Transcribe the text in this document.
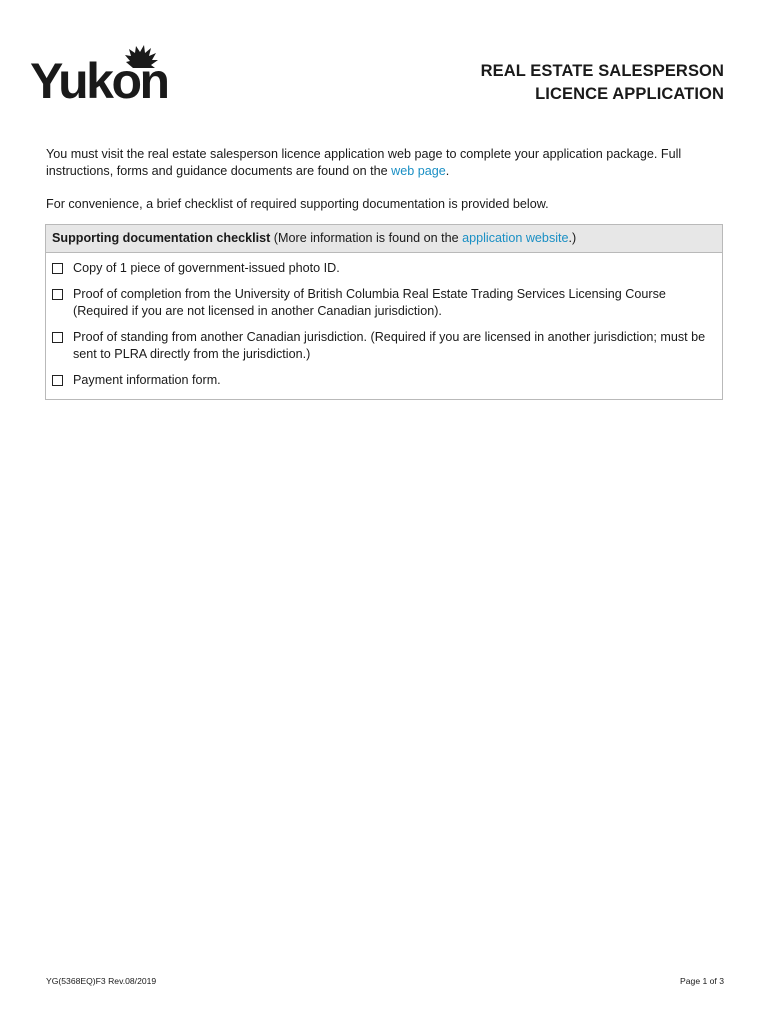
Yukon	REAL ESTATE SALESPERSON
LICENCE APPLICATION

You must visit the real estate salesperson licence application web page to complete your application package. Full instructions, forms and guidance documents are found on the web page.

For convenience, a brief checklist of required supporting documentation is provided below.

Supporting documentation checklist (More information is found on the application website.)
Copy of 1 piece of government-issued photo ID.
Proof of completion from the University of British Columbia Real Estate Trading Services Licensing Course (Required if you are not licensed in another Canadian jurisdiction).
Proof of standing from another Canadian jurisdiction. (Required if you are licensed in another jurisdiction; must be sent to PLRA directly from the jurisdiction.)
Payment information form.
YG(5368EQ)F3 Rev.08/2019	Page 1 of 3
